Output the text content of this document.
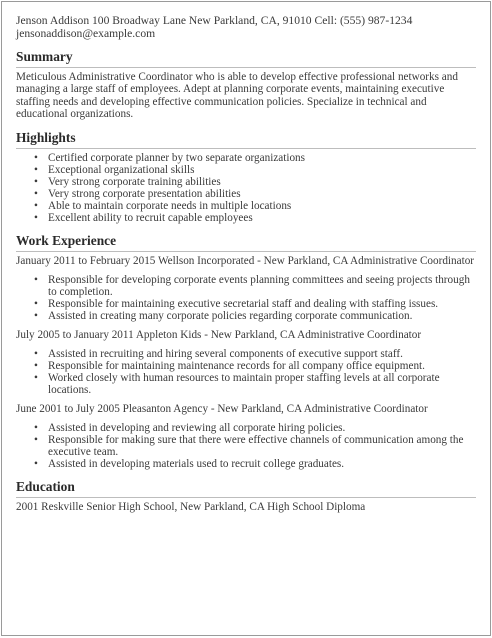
Jenson Addison 100 Broadway Lane New Parkland, CA, 91010 Cell: (555) 987-1234
jensonaddison@example.com
Summary

Meticulous Administrative Coordinator who is able to develop effective professional networks and managing a large staff of employees. Adept at planning corporate events, maintaining executive staffing needs and developing effective communication policies. Specialize in technical and educational organizations.

Highlights
• Certified corporate planner by two separate organizations
• Exceptional organizational skills
• Very strong corporate training abilities
• Very strong corporate presentation abilities
• Able to maintain corporate needs in multiple locations
• Excellent ability to recruit capable employees
Work Experience
January 2011 to February 2015 Wellson Incorporated - New Parkland, CA Administrative Coordinator
• Responsible for developing corporate events planning committees and seeing projects through to completion.
• Responsible for maintaining executive secretarial staff and dealing with staffing issues.
• Assisted in creating many corporate policies regarding corporate communication.
July 2005 to January 2011 Appleton Kids - New Parkland, CA Administrative Coordinator
• Assisted in recruiting and hiring several components of executive support staff.
• Responsible for maintaining maintenance records for all company office equipment.
• Worked closely with human resources to maintain proper staffing levels at all corporate locations.
June 2001 to July 2005 Pleasanton Agency - New Parkland, CA Administrative Coordinator
• Assisted in developing and reviewing all corporate hiring policies.
• Responsible for making sure that there were effective channels of communication among the executive team.
• Assisted in developing materials used to recruit college graduates.
Education
2001 Reskville Senior High School, New Parkland, CA High School Diploma
